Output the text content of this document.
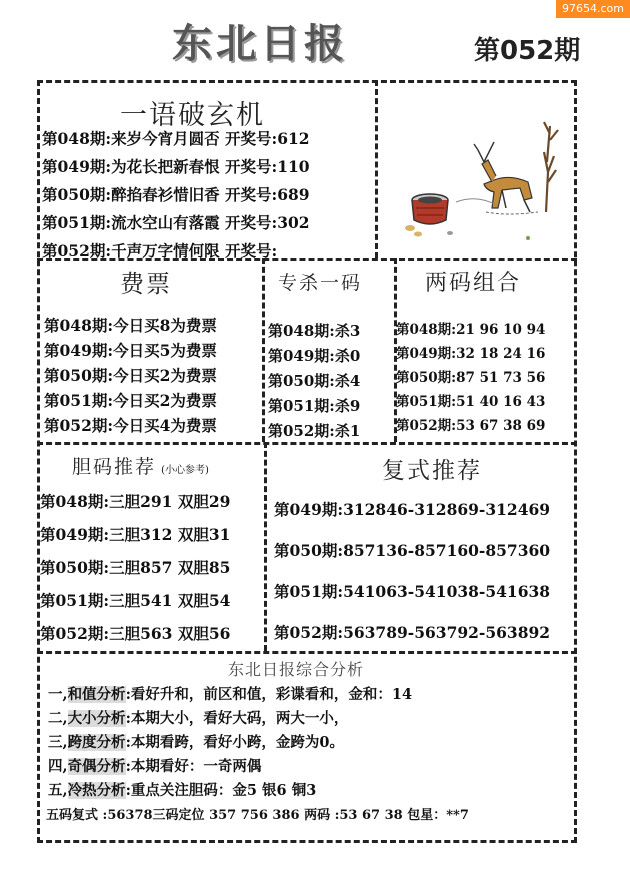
97654.com
东北日报	第052期
一语破玄机
第048期:来岁今宵月圆否 开奖号:612
第049期:为花长把新春恨 开奖号:110
第050期:醉掐春衫惜旧香 开奖号:689
第051期:流水空山有落霞 开奖号:302
第052期:千声万字情何限 开奖号:
费票
第048期:今日买8为费票
第049期:今日买5为费票
第050期:今日买2为费票
第051期:今日买2为费票
第052期:今日买4为费票
专杀一码
第048期:杀3
第049期:杀0
第050期:杀4
第051期:杀9
第052期:杀1
两码组合
第048期:21 96 10 94
第049期:32 18 24 16
第050期:87 51 73 56
第051期:51 40 16 43
第052期:53 67 38 69
胆码推荐 (小心参考)
第048期:三胆291 双胆29
第049期:三胆312 双胆31
第050期:三胆857 双胆85
第051期:三胆541 双胆54
第052期:三胆563 双胆56
复式推荐
第049期:312846-312869-312469
第050期:857136-857160-857360
第051期:541063-541038-541638
第052期:563789-563792-563892
东北日报综合分析
一,和值分析:看好升和，前区和值，彩谍看和，金和：14
二,大小分析:本期大小，看好大码，两大一小，
三,跨度分析:本期看跨，看好小跨，金跨为0。
四,奇偶分析:本期看好：一奇两偶
五,冷热分析:重点关注胆码：金5 银6 铜3
五码复式 :56378三码定位 357 756 386 两码 :53 67 38 包星：**7
